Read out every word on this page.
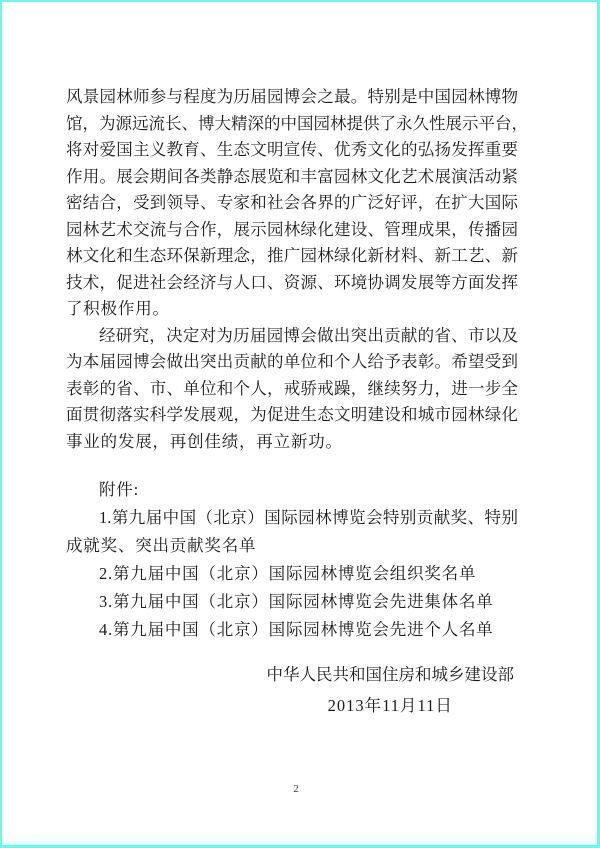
风景园林师参与程度为历届园博会之最。特别是中国园林博物
馆，为源远流长、博大精深的中国园林提供了永久性展示平台，
将对爱国主义教育、生态文明宣传、优秀文化的弘扬发挥重要
作用。展会期间各类静态展览和丰富园林文化艺术展演活动紧
密结合，受到领导、专家和社会各界的广泛好评，在扩大国际
园林艺术交流与合作，展示园林绿化建设、管理成果，传播园
林文化和生态环保新理念，推广园林绿化新材料、新工艺、新
技术，促进社会经济与人口、资源、环境协调发展等方面发挥
了积极作用。
经研究，决定对为历届园博会做出突出贡献的省、市以及
为本届园博会做出突出贡献的单位和个人给予表彰。希望受到
表彰的省、市、单位和个人，戒骄戒躁，继续努力，进一步全
面贯彻落实科学发展观，为促进生态文明建设和城市园林绿化
事业的发展，再创佳绩，再立新功。
附件:
1.第九届中国（北京）国际园林博览会特别贡献奖、特别
成就奖、突出贡献奖名单
2.第九届中国（北京）国际园林博览会组织奖名单
3.第九届中国（北京）国际园林博览会先进集体名单
4.第九届中国（北京）国际园林博览会先进个人名单
中华人民共和国住房和城乡建设部
2013年11月11日
2
